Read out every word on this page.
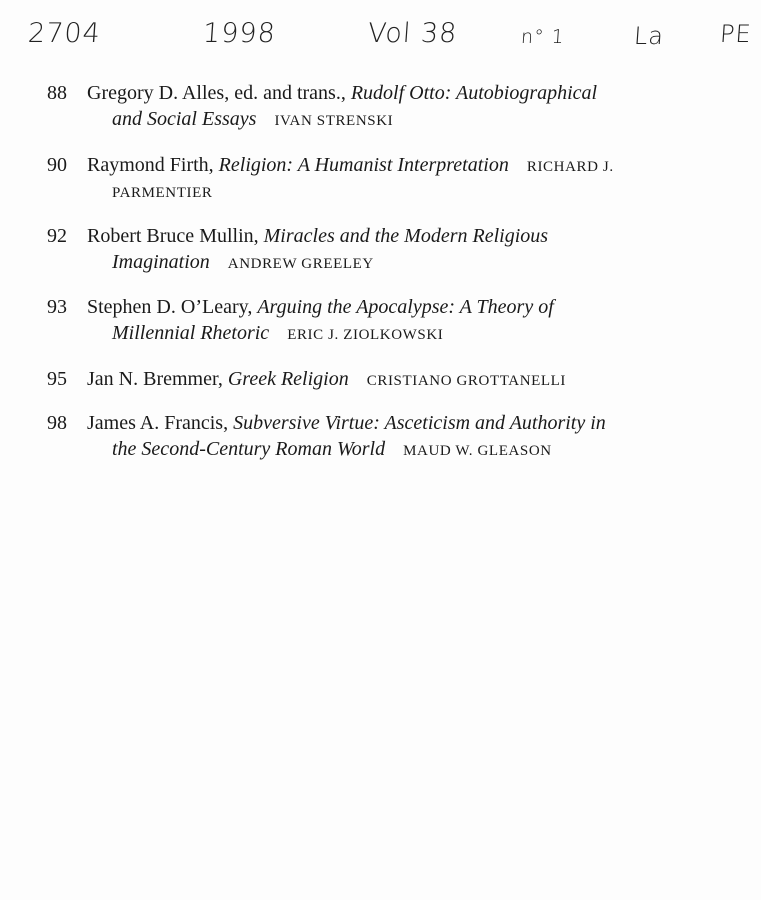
2704	1998	Vol 38	n° 1	La PE
88 Gregory D. Alles, ed. and trans., Rudolf Otto: Autobiographical
and Social Essays IVAN STRENSKI
90 Raymond Firth, Religion: A Humanist Interpretation RICHARD J.
PARMENTIER
92 Robert Bruce Mullin, Miracles and the Modern Religious
Imagination ANDREW GREELEY
93 Stephen D. O’Leary, Arguing the Apocalypse: A Theory of
Millennial Rhetoric ERIC J. ZIOLKOWSKI
95 Jan N. Bremmer, Greek Religion CRISTIANO GROTTANELLI
98 James A. Francis, Subversive Virtue: Asceticism and Authority in
the Second-Century Roman World MAUD W. GLEASON
